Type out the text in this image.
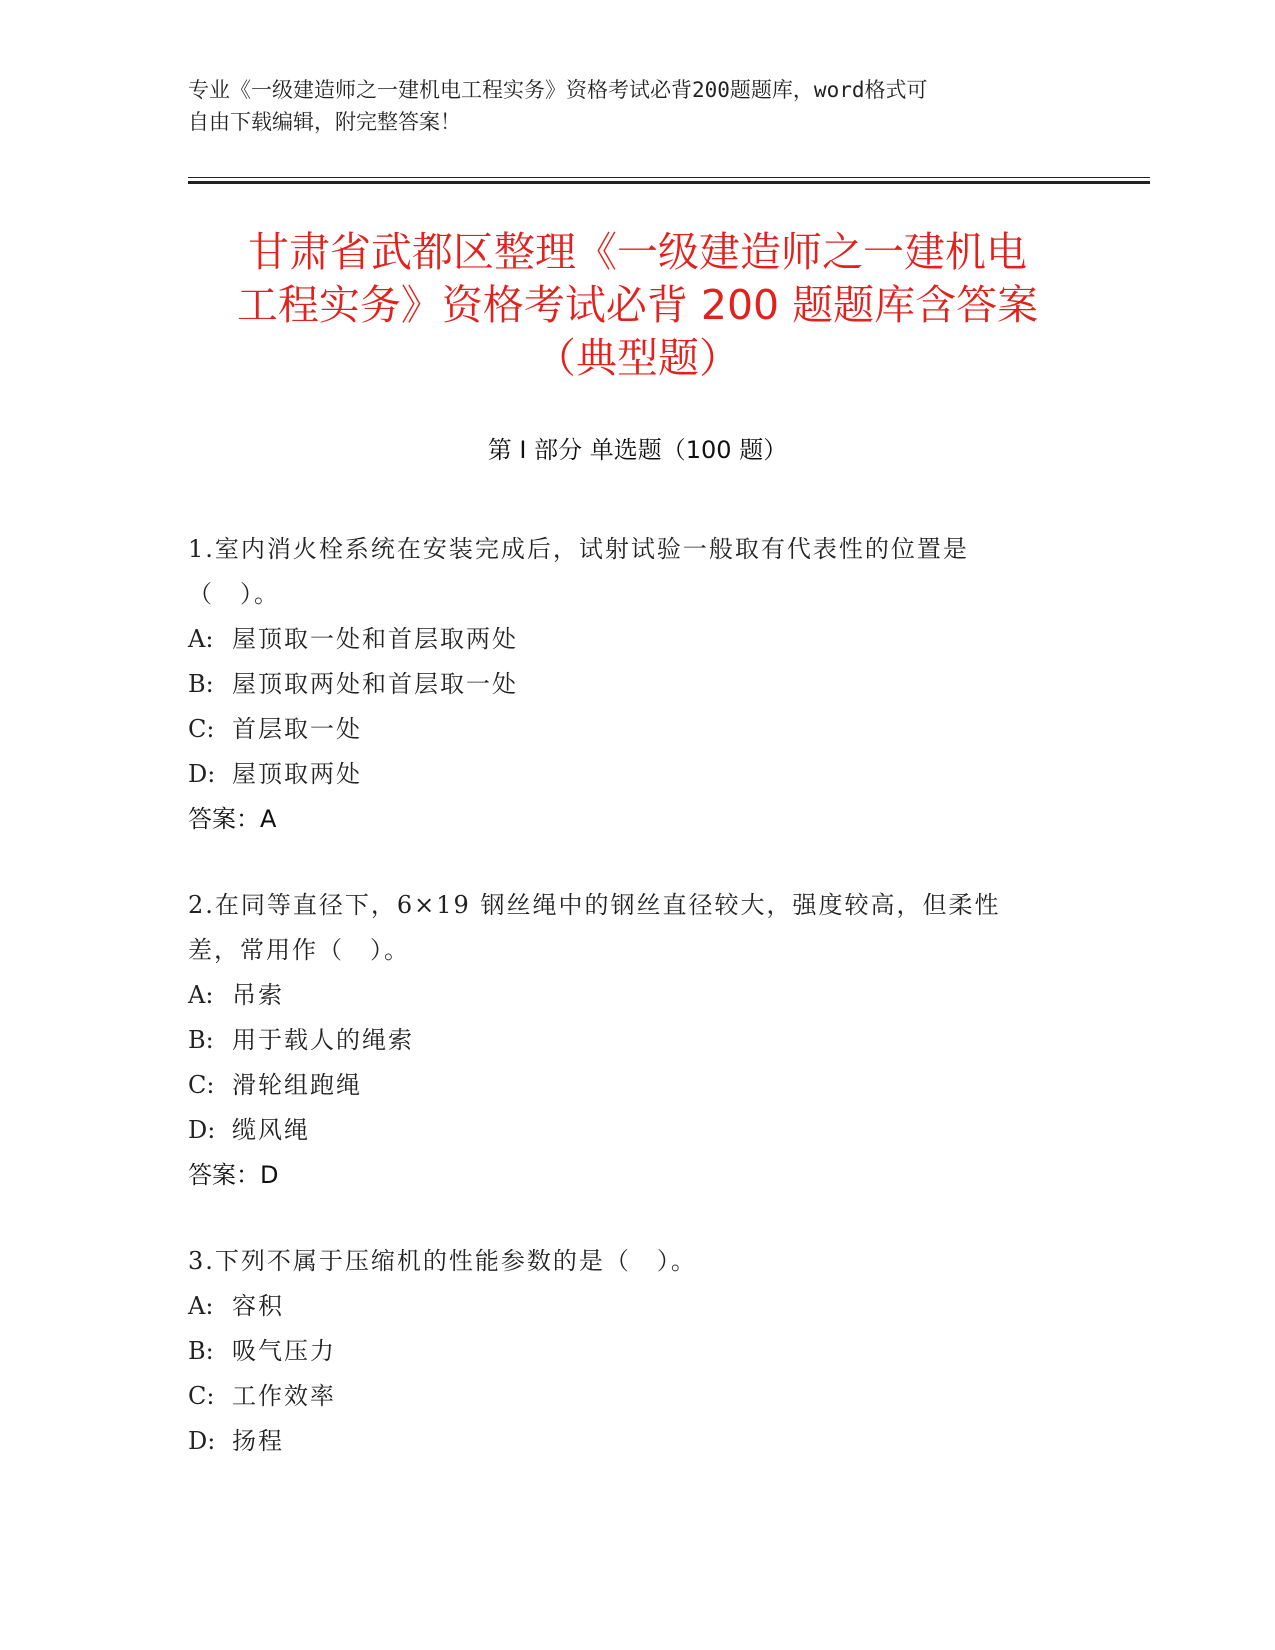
专业《一级建造师之一建机电工程实务》资格考试必背200题题库，word格式可
自由下载编辑，附完整答案！
甘肃省武都区整理《一级建造师之一建机电
工程实务》资格考试必背 200 题题库含答案
（典型题）
第 I 部分 单选题（100 题）
1.室内消火栓系统在安装完成后，试射试验一般取有代表性的位置是
（　）。
A: 屋顶取一处和首层取两处
B: 屋顶取两处和首层取一处
C: 首层取一处
D: 屋顶取两处
答案：A
2.在同等直径下，6×19 钢丝绳中的钢丝直径较大，强度较高，但柔性
差，常用作（　）。
A: 吊索
B: 用于载人的绳索
C: 滑轮组跑绳
D: 缆风绳
答案：D
3.下列不属于压缩机的性能参数的是（　）。
A: 容积
B: 吸气压力
C: 工作效率
D: 扬程
